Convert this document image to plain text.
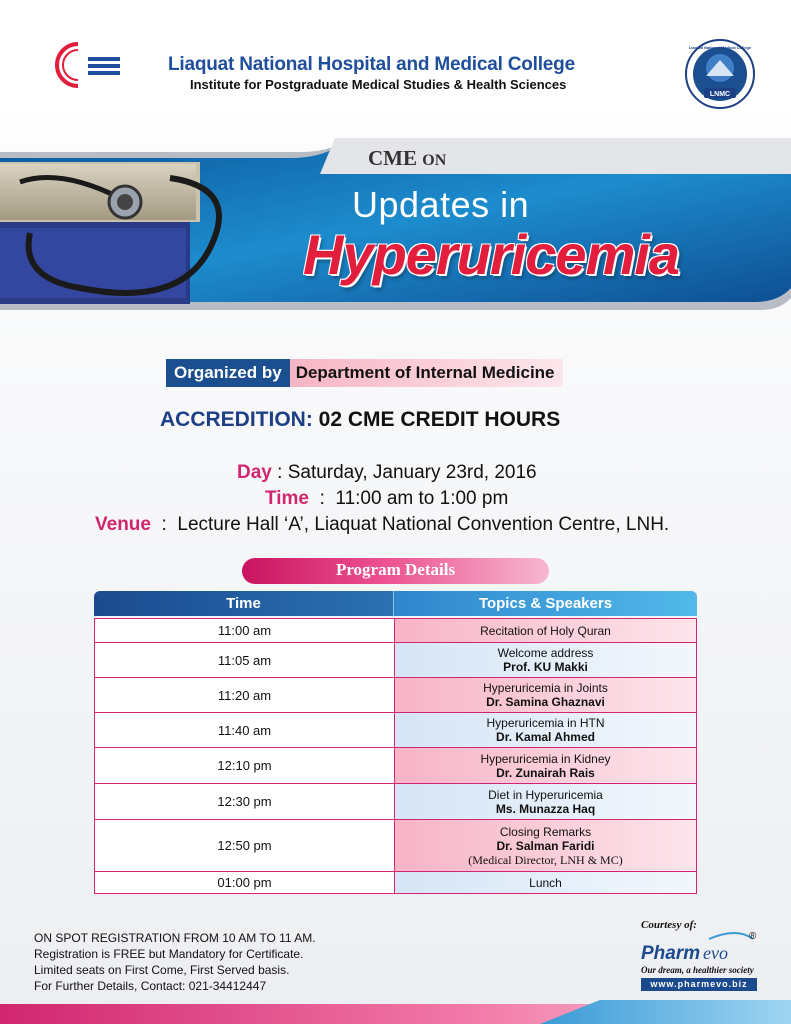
Liaquat National Hospital and Medical College
Institute for Postgraduate Medical Studies & Health Sciences
LNMC
Liaquat National Medical College
CME ON
Updates in
Hyperuricemia
Organized by Department of Internal Medicine
ACCREDITION: 02 CME CREDIT HOURS
Day : Saturday, January 23rd, 2016
Time  :  11:00 am to 1:00 pm
Venue  :  Lecture Hall ‘A’, Liaquat National Convention Centre, LNH.
Program Details
Time	Topics & Speakers
11:00 am	Recitation of Holy Quran
11:05 am	Welcome address
Prof. KU Makki
11:20 am	Hyperuricemia in Joints
Dr. Samina Ghaznavi
11:40 am	Hyperuricemia in HTN
Dr. Kamal Ahmed
12:10 pm	Hyperuricemia in Kidney
Dr. Zunairah Rais
12:30 pm	Diet in Hyperuricemia
Ms. Munazza Haq
12:50 pm
Closing Remarks
Dr. Salman Faridi
(Medical Director, LNH & MC)
01:00 pm	Lunch
ON SPOT REGISTRATION FROM 10 AM TO 11 AM.
Registration is FREE but Mandatory for Certificate.
Limited seats on First Come, First Served basis.
For Further Details, Contact: 021-34412447
Courtesy of:
Pharm evo
®
Our dream, a healthier society
www.pharmevo.biz
